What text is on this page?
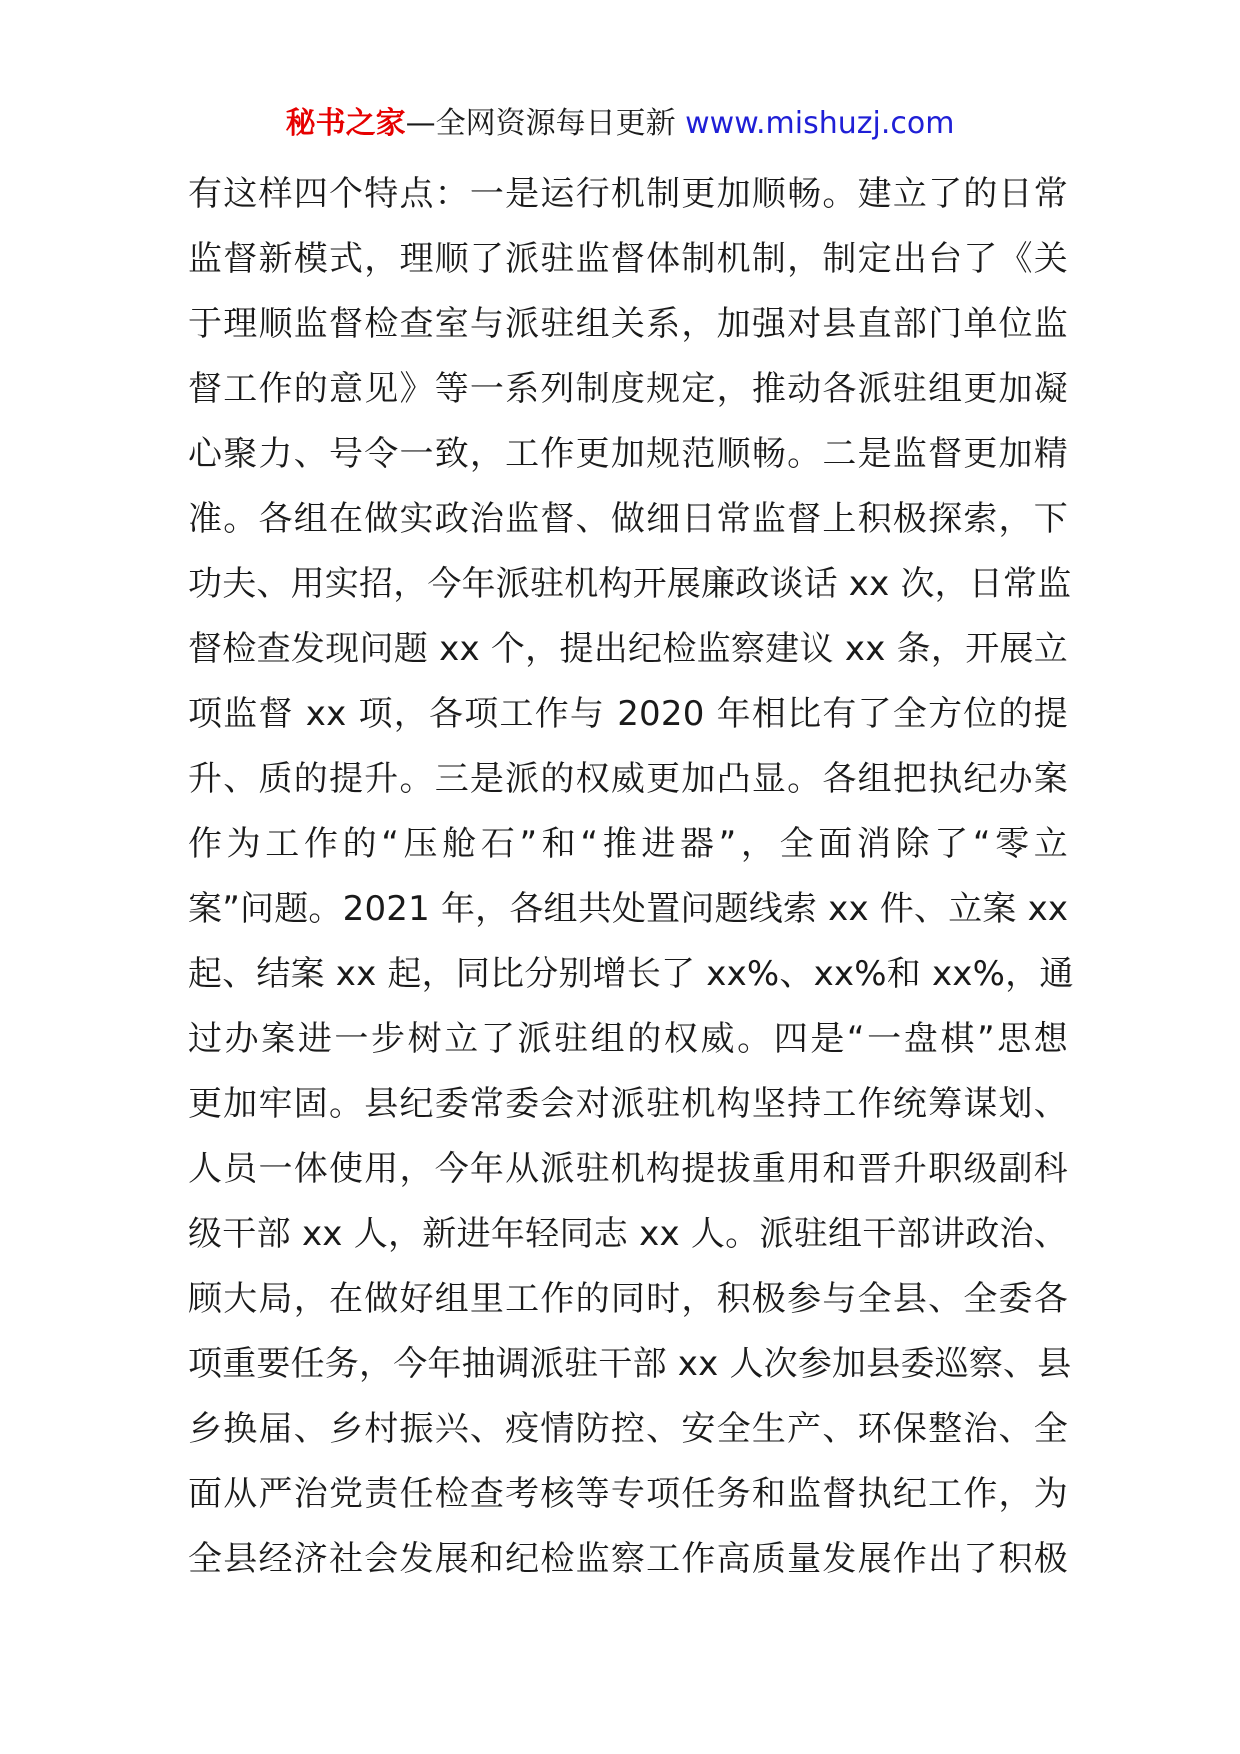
秘书之家—全网资源每日更新 www.mishuzj.com
有这样四个特点：一是运行机制更加顺畅。建立了的日常
监督新模式，理顺了派驻监督体制机制，制定出台了《关
于理顺监督检查室与派驻组关系，加强对县直部门单位监
督工作的意见》等一系列制度规定，推动各派驻组更加凝
心聚力、号令一致，工作更加规范顺畅。二是监督更加精
准。各组在做实政治监督、做细日常监督上积极探索，下
功夫、用实招，今年派驻机构开展廉政谈话 xx 次，日常监
督检查发现问题 xx 个，提出纪检监察建议 xx 条，开展立
项监督 xx 项，各项工作与 2020 年相比有了全方位的提
升、质的提升。三是派的权威更加凸显。各组把执纪办案
作为工作的“压舱石”和“推进器”，全面消除了“零立
案”问题。2021 年，各组共处置问题线索 xx 件、立案 xx
起、结案 xx 起，同比分别增长了 xx%、xx%和 xx%，通
过办案进一步树立了派驻组的权威。四是“一盘棋”思想
更加牢固。县纪委常委会对派驻机构坚持工作统筹谋划、
人员一体使用，今年从派驻机构提拔重用和晋升职级副科
级干部 xx 人，新进年轻同志 xx 人。派驻组干部讲政治、
顾大局，在做好组里工作的同时，积极参与全县、全委各
项重要任务，今年抽调派驻干部 xx 人次参加县委巡察、县
乡换届、乡村振兴、疫情防控、安全生产、环保整治、全
面从严治党责任检查考核等专项任务和监督执纪工作，为
全县经济社会发展和纪检监察工作高质量发展作出了积极
